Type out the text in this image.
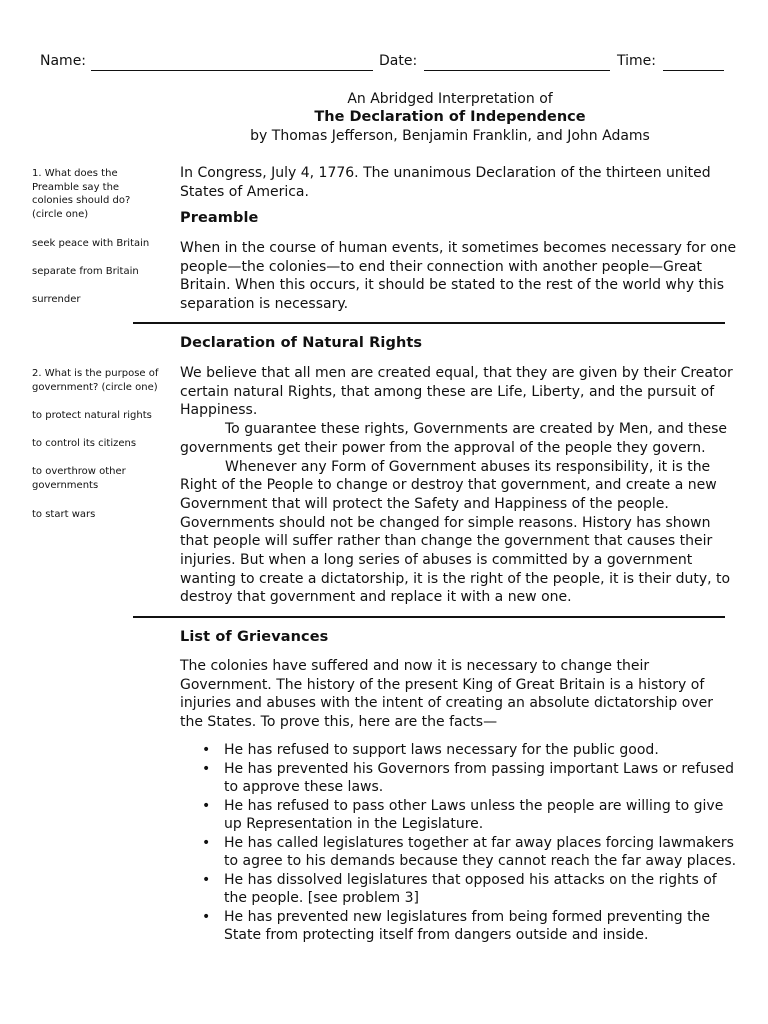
Name:	Date:	Time:
An Abridged Interpretation of
The Declaration of Independence
by Thomas Jefferson, Benjamin Franklin, and John Adams
1. What does the Preamble say the colonies should do? (circle one)
seek peace with Britain
separate from Britain
surrender
2. What is the purpose of government? (circle one)
to protect natural rights
to control its citizens
to overthrow other governments
to start wars
In Congress, July 4, 1776. The unanimous Declaration of the thirteen united States of America.
Preamble
When in the course of human events, it sometimes becomes necessary for one people—the colonies—to end their connection with another people—Great Britain. When this occurs, it should be stated to the rest of the world why this separation is necessary.
Declaration of Natural Rights

We believe that all men are created equal, that they are given by their Creator certain natural Rights, that among these are Life, Liberty, and the pursuit of Happiness.

To guarantee these rights, Governments are created by Men, and these governments get their power from the approval of the people they govern.

Whenever any Form of Government abuses its responsibility, it is the Right of the People to change or destroy that government, and create a new Government that will protect the Safety and Happiness of the people. Governments should not be changed for simple reasons. History has shown that people will suffer rather than change the government that causes their injuries. But when a long series of abuses is committed by a government wanting to create a dictatorship, it is the right of the people, it is their duty, to destroy that government and replace it with a new one.

List of Grievances
The colonies have suffered and now it is necessary to change their Government. The history of the present King of Great Britain is a history of injuries and abuses with the intent of creating an absolute dictatorship over the States. To prove this, here are the facts—
• He has refused to support laws necessary for the public good.
• He has prevented his Governors from passing important Laws or refused to approve these laws.
• He has refused to pass other Laws unless the people are willing to give up Representation in the Legislature.
• He has called legislatures together at far away places forcing lawmakers to agree to his demands because they cannot reach the far away places.
• He has dissolved legislatures that opposed his attacks on the rights of the people. [see problem 3]
• He has prevented new legislatures from being formed preventing the State from protecting itself from dangers outside and inside.
